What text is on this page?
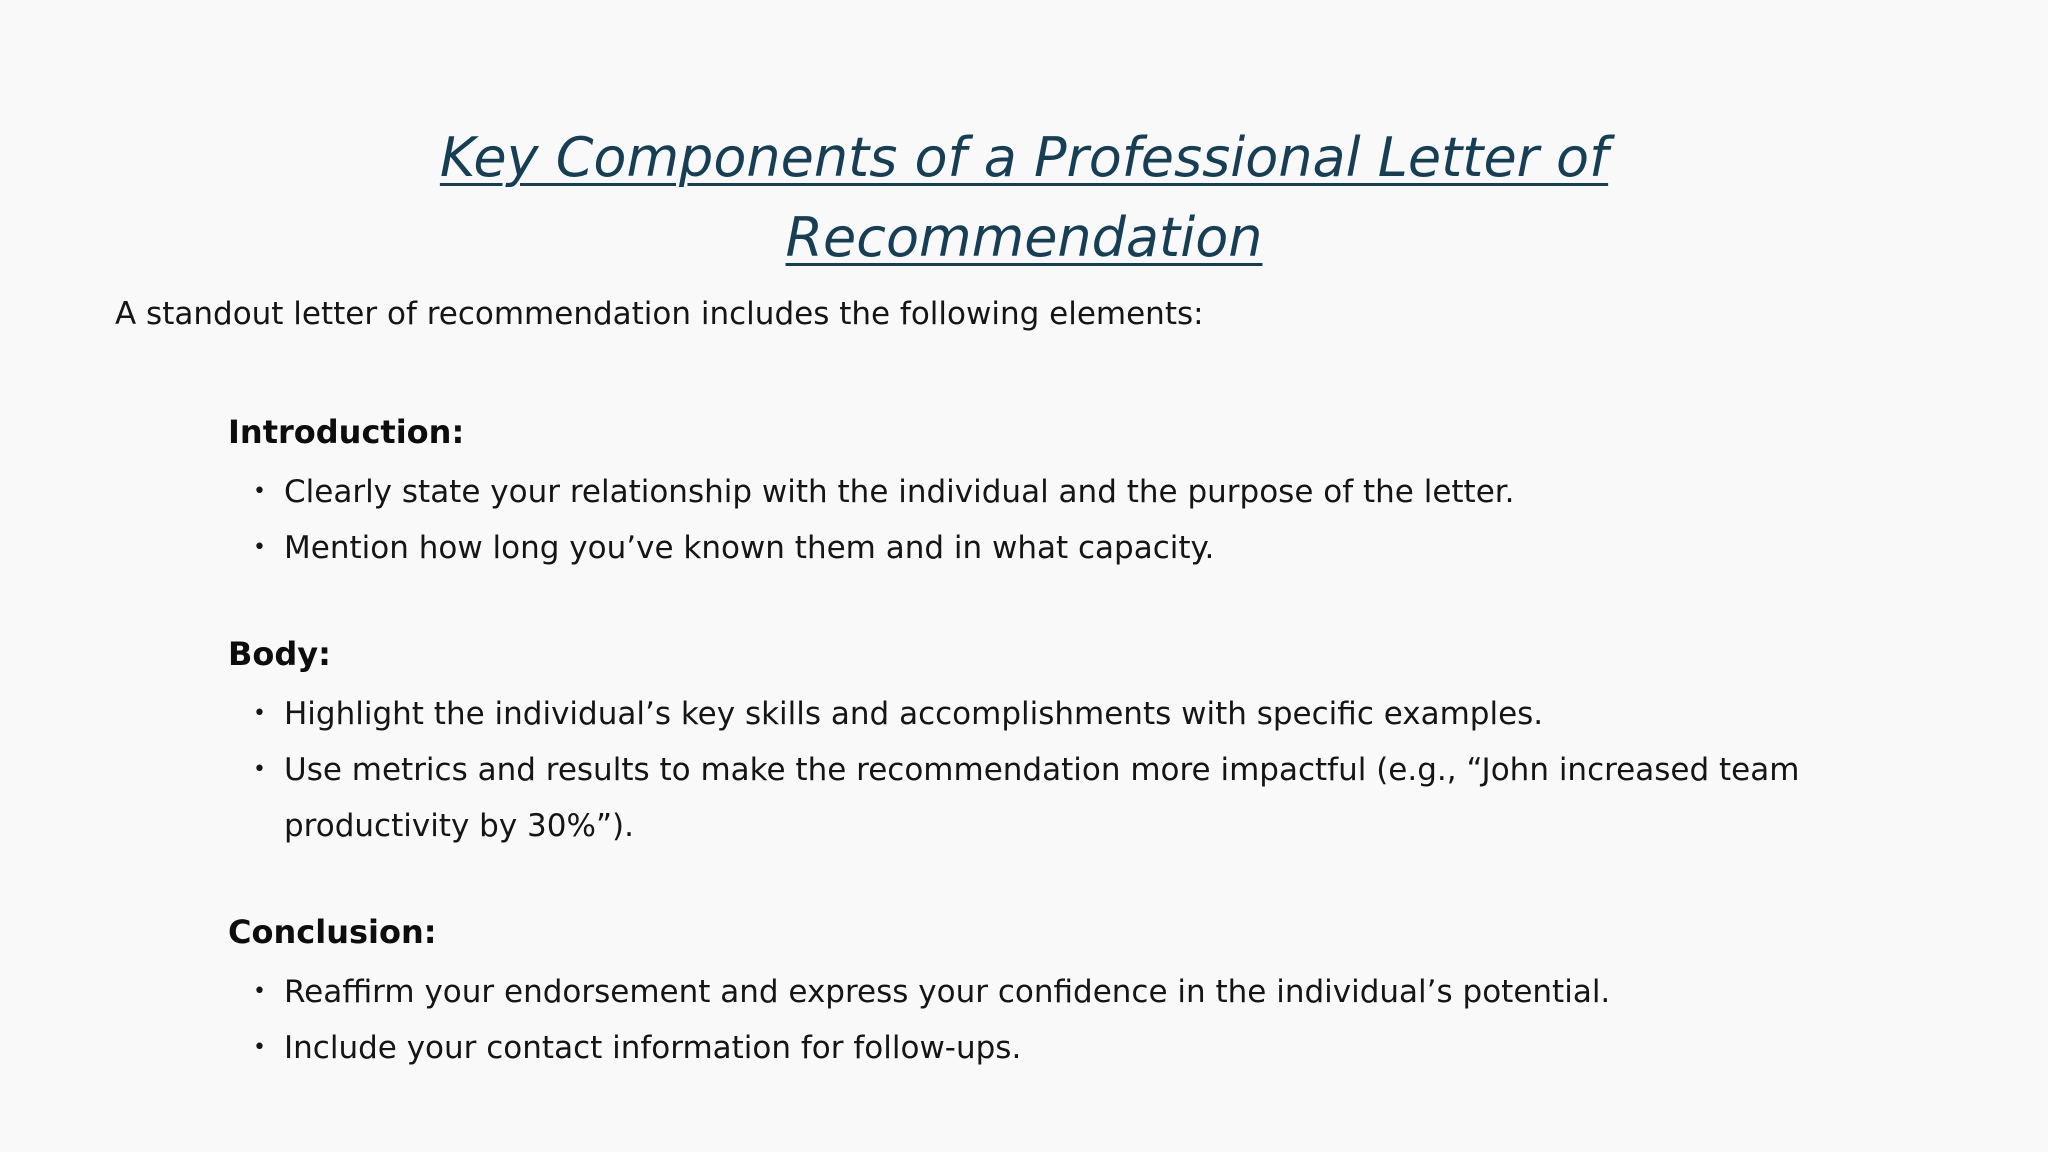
Key Components of a Professional Letter of
Recommendation

A standout letter of recommendation includes the following elements:

Introduction:
• Clearly state your relationship with the individual and the purpose of the letter.
• Mention how long you’ve known them and in what capacity.
Body:
• Highlight the individual’s key skills and accomplishments with specific examples.
• Use metrics and results to make the recommendation more impactful (e.g., “John increased team productivity by 30%”).
Conclusion:
• Reaffirm your endorsement and express your confidence in the individual’s potential.
• Include your contact information for follow-ups.
